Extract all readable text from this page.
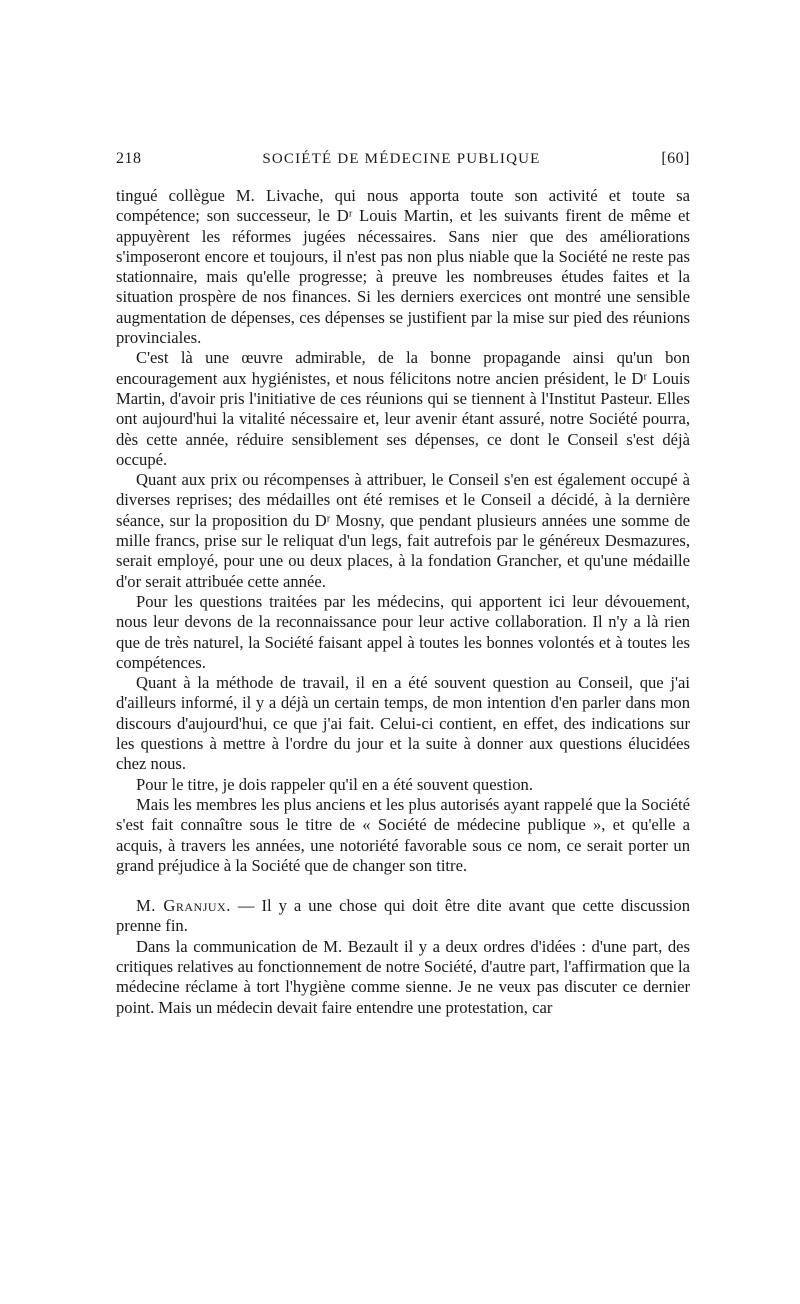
218	SOCIÉTÉ DE MÉDECINE PUBLIQUE	[60]

tingué collègue M. Livache, qui nous apporta toute son activité et toute sa compétence; son successeur, le Dʳ Louis Martin, et les suivants firent de même et appuyèrent les réformes jugées nécessaires. Sans nier que des améliorations s'imposeront encore et toujours, il n'est pas non plus niable que la Société ne reste pas stationnaire, mais qu'elle progresse; à preuve les nombreuses études faites et la situation prospère de nos finances. Si les derniers exercices ont montré une sensible augmentation de dépenses, ces dépenses se justifient par la mise sur pied des réunions provinciales.

C'est là une œuvre admirable, de la bonne propagande ainsi qu'un bon encouragement aux hygiénistes, et nous félicitons notre ancien président, le Dʳ Louis Martin, d'avoir pris l'initiative de ces réunions qui se tiennent à l'Institut Pasteur. Elles ont aujourd'hui la vitalité nécessaire et, leur avenir étant assuré, notre Société pourra, dès cette année, réduire sensiblement ses dépenses, ce dont le Conseil s'est déjà occupé.

Quant aux prix ou récompenses à attribuer, le Conseil s'en est également occupé à diverses reprises; des médailles ont été remises et le Conseil a décidé, à la dernière séance, sur la proposition du Dʳ Mosny, que pendant plusieurs années une somme de mille francs, prise sur le reliquat d'un legs, fait autrefois par le généreux Desmazures, serait employé, pour une ou deux places, à la fondation Grancher, et qu'une médaille d'or serait attribuée cette année.

Pour les questions traitées par les médecins, qui apportent ici leur dévouement, nous leur devons de la reconnaissance pour leur active collaboration. Il n'y a là rien que de très naturel, la Société faisant appel à toutes les bonnes volontés et à toutes les compétences.

Quant à la méthode de travail, il en a été souvent question au Conseil, que j'ai d'ailleurs informé, il y a déjà un certain temps, de mon intention d'en parler dans mon discours d'aujourd'hui, ce que j'ai fait. Celui-ci contient, en effet, des indications sur les questions à mettre à l'ordre du jour et la suite à donner aux questions élucidées chez nous.

Pour le titre, je dois rappeler qu'il en a été souvent question.

Mais les membres les plus anciens et les plus autorisés ayant rappelé que la Société s'est fait connaître sous le titre de « Société de médecine publique », et qu'elle a acquis, à travers les années, une notoriété favorable sous ce nom, ce serait porter un grand préjudice à la Société que de changer son titre.

M. Granjux. — Il y a une chose qui doit être dite avant que cette discussion prenne fin.

Dans la communication de M. Bezault il y a deux ordres d'idées : d'une part, des critiques relatives au fonctionnement de notre Société, d'autre part, l'affirmation que la médecine réclame à tort l'hygiène comme sienne. Je ne veux pas discuter ce dernier point. Mais un médecin devait faire entendre une protestation, car
